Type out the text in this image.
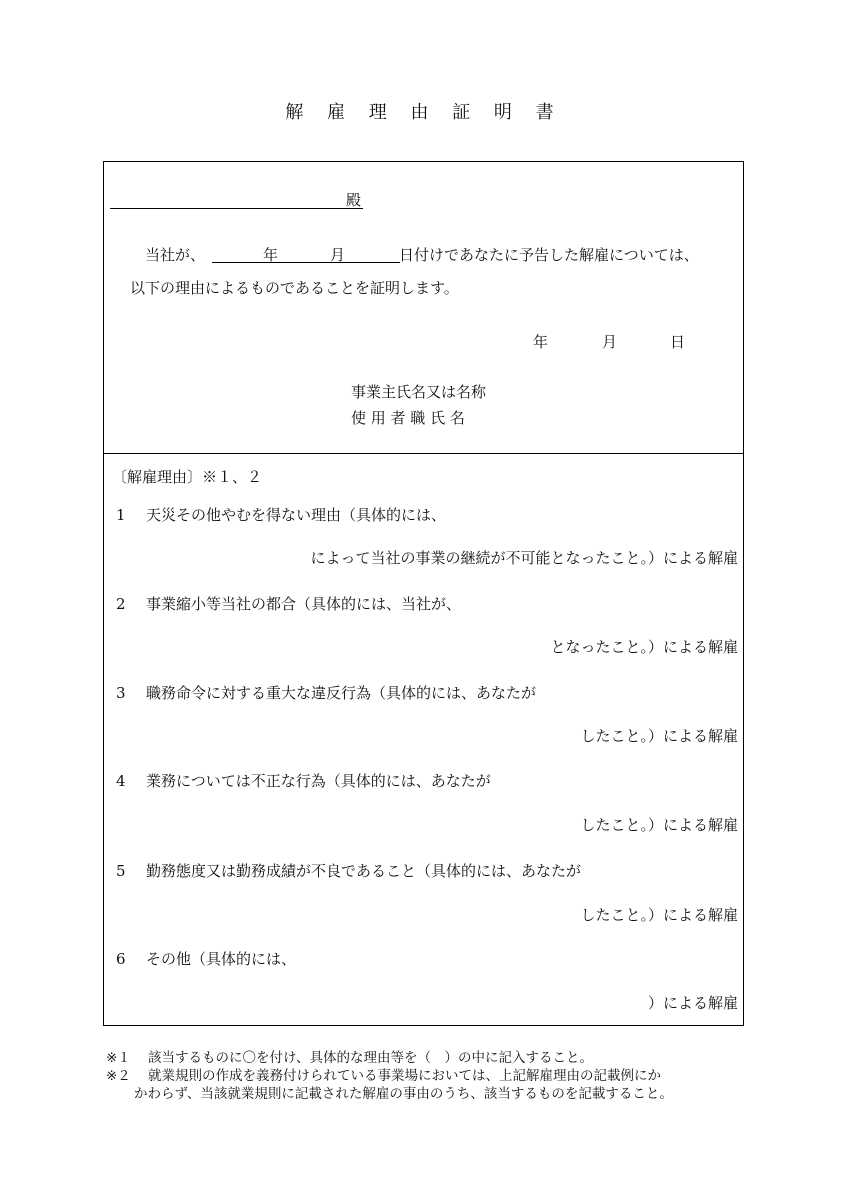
解 雇 理 由 証 明 書
殿
当社が、	年	月	日付けであなたに予告した解雇については、
以下の理由によるものであることを証明します。
年	月	日
事業主氏名又は名称
使 用 者 職 氏 名
〔解雇理由〕※１、２
1 天災その他やむを得ない理由（具体的には、
によって当社の事業の継続が不可能となったこと。）による解雇
2 事業縮小等当社の都合（具体的には、当社が、
となったこと。）による解雇
3 職務命令に対する重大な違反行為（具体的には、あなたが
したこと。）による解雇
4 業務については不正な行為（具体的には、あなたが
したこと。）による解雇
5 勤務態度又は勤務成績が不良であること（具体的には、あなたが
したこと。）による解雇
6 その他（具体的には、
）による解雇
※１ 該当するものに〇を付け、具体的な理由等を（　）の中に記入すること。
※２ 就業規則の作成を義務付けられている事業場においては、上記解雇理由の記載例にか
かわらず、当該就業規則に記載された解雇の事由のうち、該当するものを記載すること。
